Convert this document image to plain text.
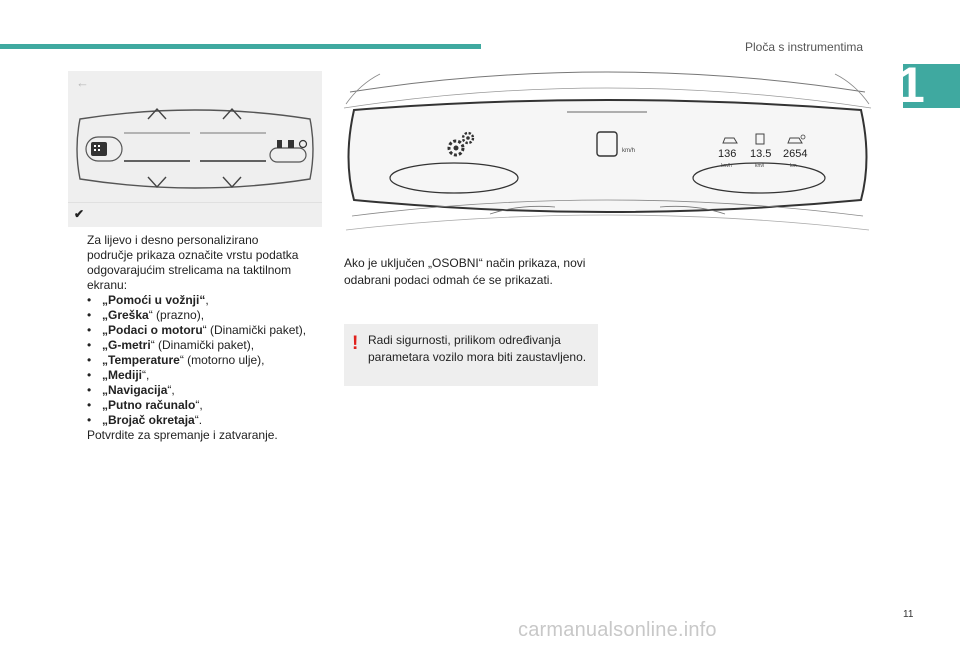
Ploča s instrumentima
1
←
✔
Za lijevo i desno personalizirano
područje prikaza označite vrstu podatka
odgovarajućim strelicama na taktilnom
ekranu:
• „Pomoći u vožnji“,
• „Greška“ (prazno),
• „Podaci o motoru“ (Dinamički paket),
• „G-metri“ (Dinamički paket),
• „Temperature“ (motorno ulje),
• „Mediji“,
• „Navigacija“,
• „Putno računalo“,
• „Brojač okretaja“.
Potvrdite za spremanje i zatvaranje.
km/h	136 13.5 2654
km/h	km/l	km
Ako je uključen „OSOBNI“ način prikaza, novi
odabrani podaci odmah će se prikazati.
! Radi sigurnosti, prilikom određivanja
parametara vozilo mora biti zaustavljeno.
11
carmanualsonline.info
